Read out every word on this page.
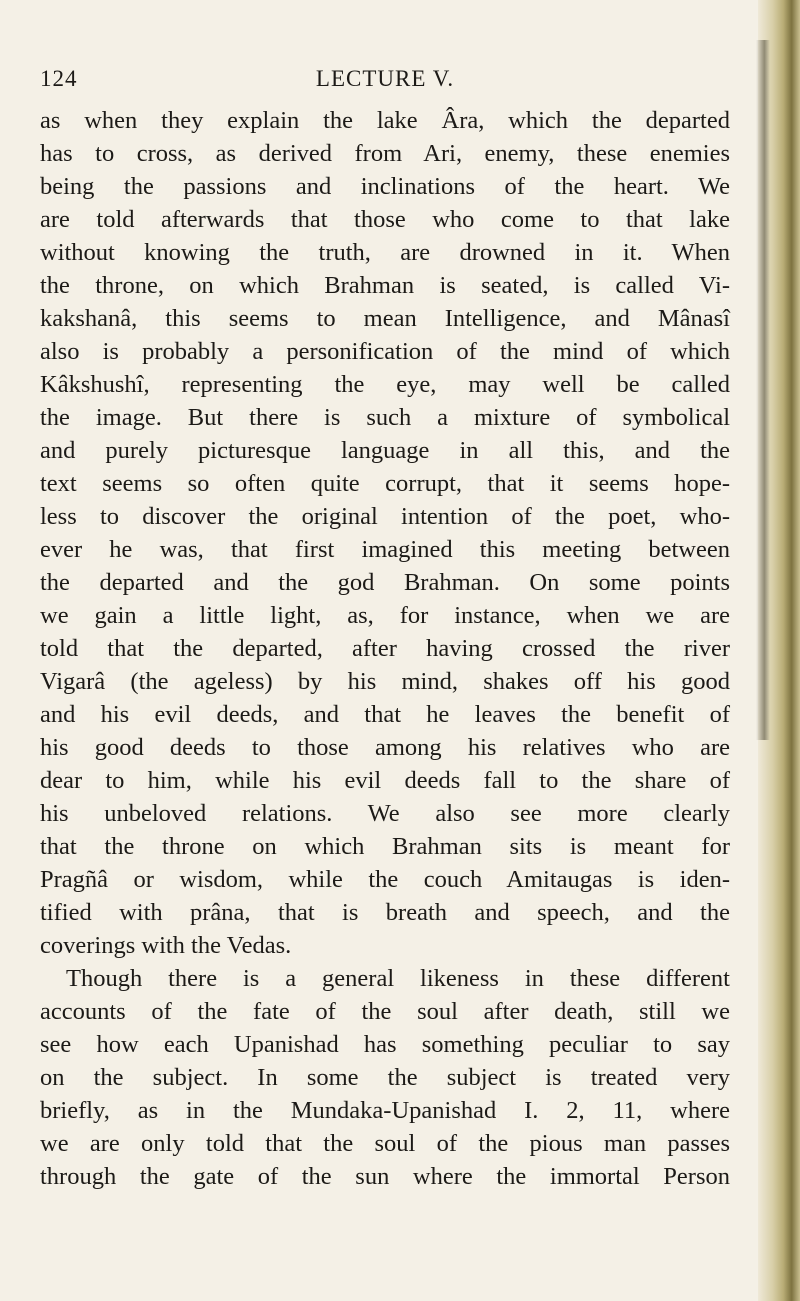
124	LECTURE V.
as when they explain the lake Âra, which the departed
has to cross, as derived from Ari, enemy, these enemies
being the passions and inclinations of the heart. We
are told afterwards that those who come to that lake
without knowing the truth, are drowned in it. When
the throne, on which Brahman is seated, is called Vi-
kakshanâ, this seems to mean Intelligence, and Mânasî
also is probably a personification of the mind of which
Kâkshushî, representing the eye, may well be called
the image. But there is such a mixture of symbolical
and purely picturesque language in all this, and the
text seems so often quite corrupt, that it seems hope-
less to discover the original intention of the poet, who-
ever he was, that first imagined this meeting between
the departed and the god Brahman. On some points
we gain a little light, as, for instance, when we are
told that the departed, after having crossed the river
Vigarâ (the ageless) by his mind, shakes off his good
and his evil deeds, and that he leaves the benefit of
his good deeds to those among his relatives who are
dear to him, while his evil deeds fall to the share of
his unbeloved relations. We also see more clearly
that the throne on which Brahman sits is meant for
Pragñâ or wisdom, while the couch Amitaugas is iden-
tified with prâna, that is breath and speech, and the
coverings with the Vedas.
Though there is a general likeness in these different
accounts of the fate of the soul after death, still we
see how each Upanishad has something peculiar to say
on the subject. In some the subject is treated very
briefly, as in the Mundaka-Upanishad I. 2, 11, where
we are only told that the soul of the pious man passes
through the gate of the sun where the immortal Person
